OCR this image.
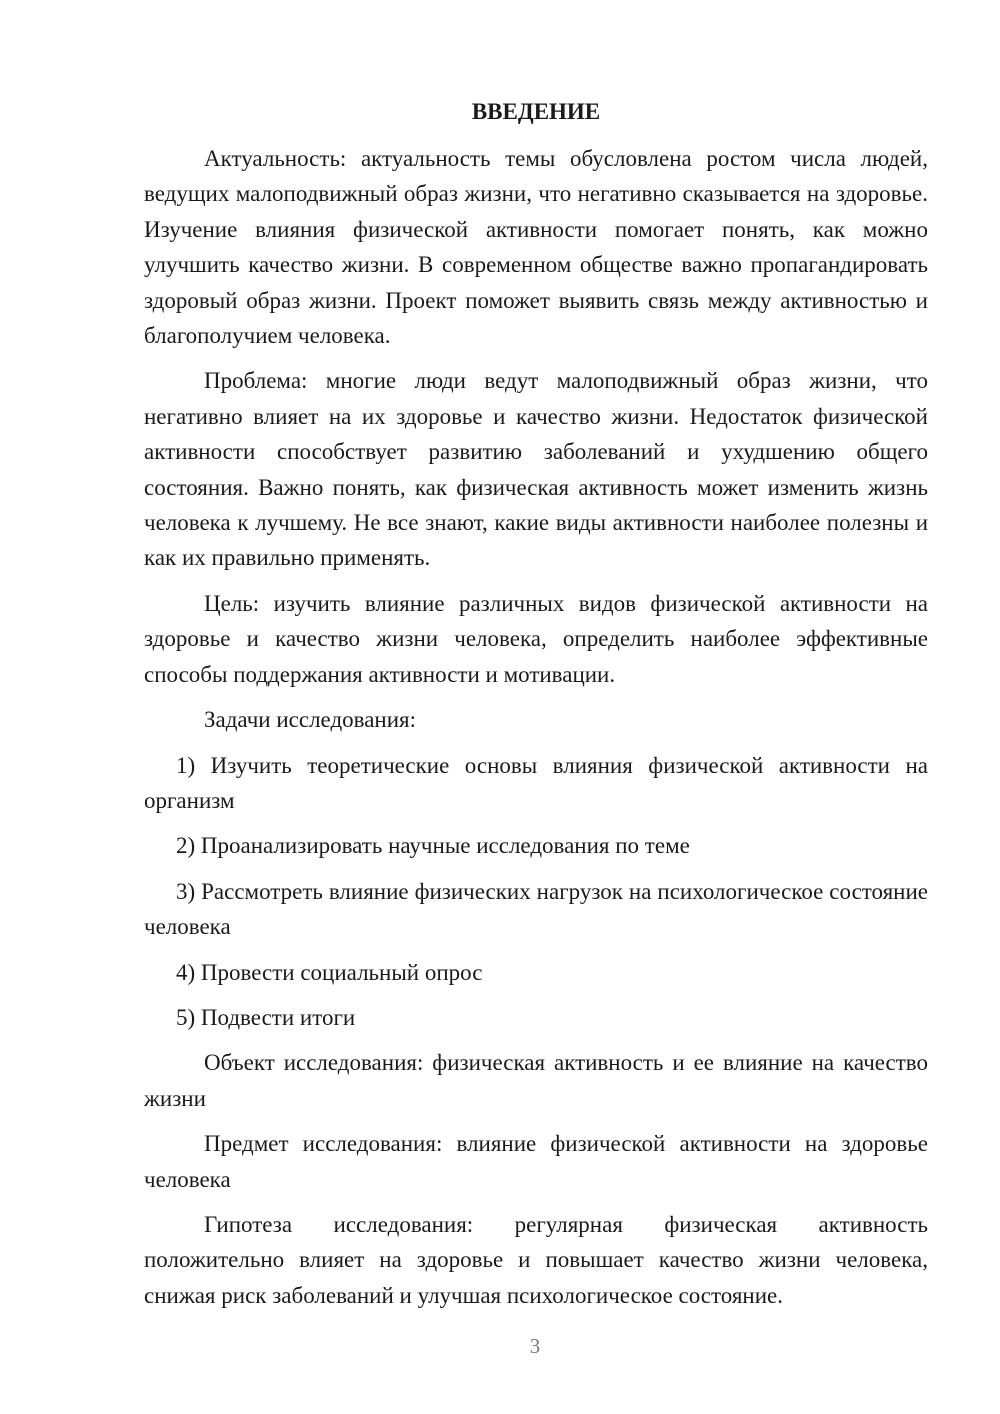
ВВЕДЕНИЕ

Актуальность: актуальность темы обусловлена ростом числа людей, ведущих малоподвижный образ жизни, что негативно сказывается на здоровье. Изучение влияния физической активности помогает понять, как можно улучшить качество жизни. В современном обществе важно пропагандировать здоровый образ жизни. Проект поможет выявить связь между активностью и благополучием человека.

Проблема: многие люди ведут малоподвижный образ жизни, что негативно влияет на их здоровье и качество жизни. Недостаток физической активности способствует развитию заболеваний и ухудшению общего состояния. Важно понять, как физическая активность может изменить жизнь человека к лучшему. Не все знают, какие виды активности наиболее полезны и как их правильно применять.

Цель: изучить влияние различных видов физической активности на здоровье и качество жизни человека, определить наиболее эффективные способы поддержания активности и мотивации.

Задачи исследования:

1) Изучить теоретические основы влияния физической активности на организм

2) Проанализировать научные исследования по теме

3) Рассмотреть влияние физических нагрузок на психологическое состояние человека

4) Провести социальный опрос

5) Подвести итоги

Объект исследования: физическая активность и ее влияние на качество жизни

Предмет исследования: влияние физической активности на здоровье человека

Гипотеза исследования: регулярная физическая активность положительно влияет на здоровье и повышает качество жизни человека, снижая риск заболеваний и улучшая психологическое состояние.

3
